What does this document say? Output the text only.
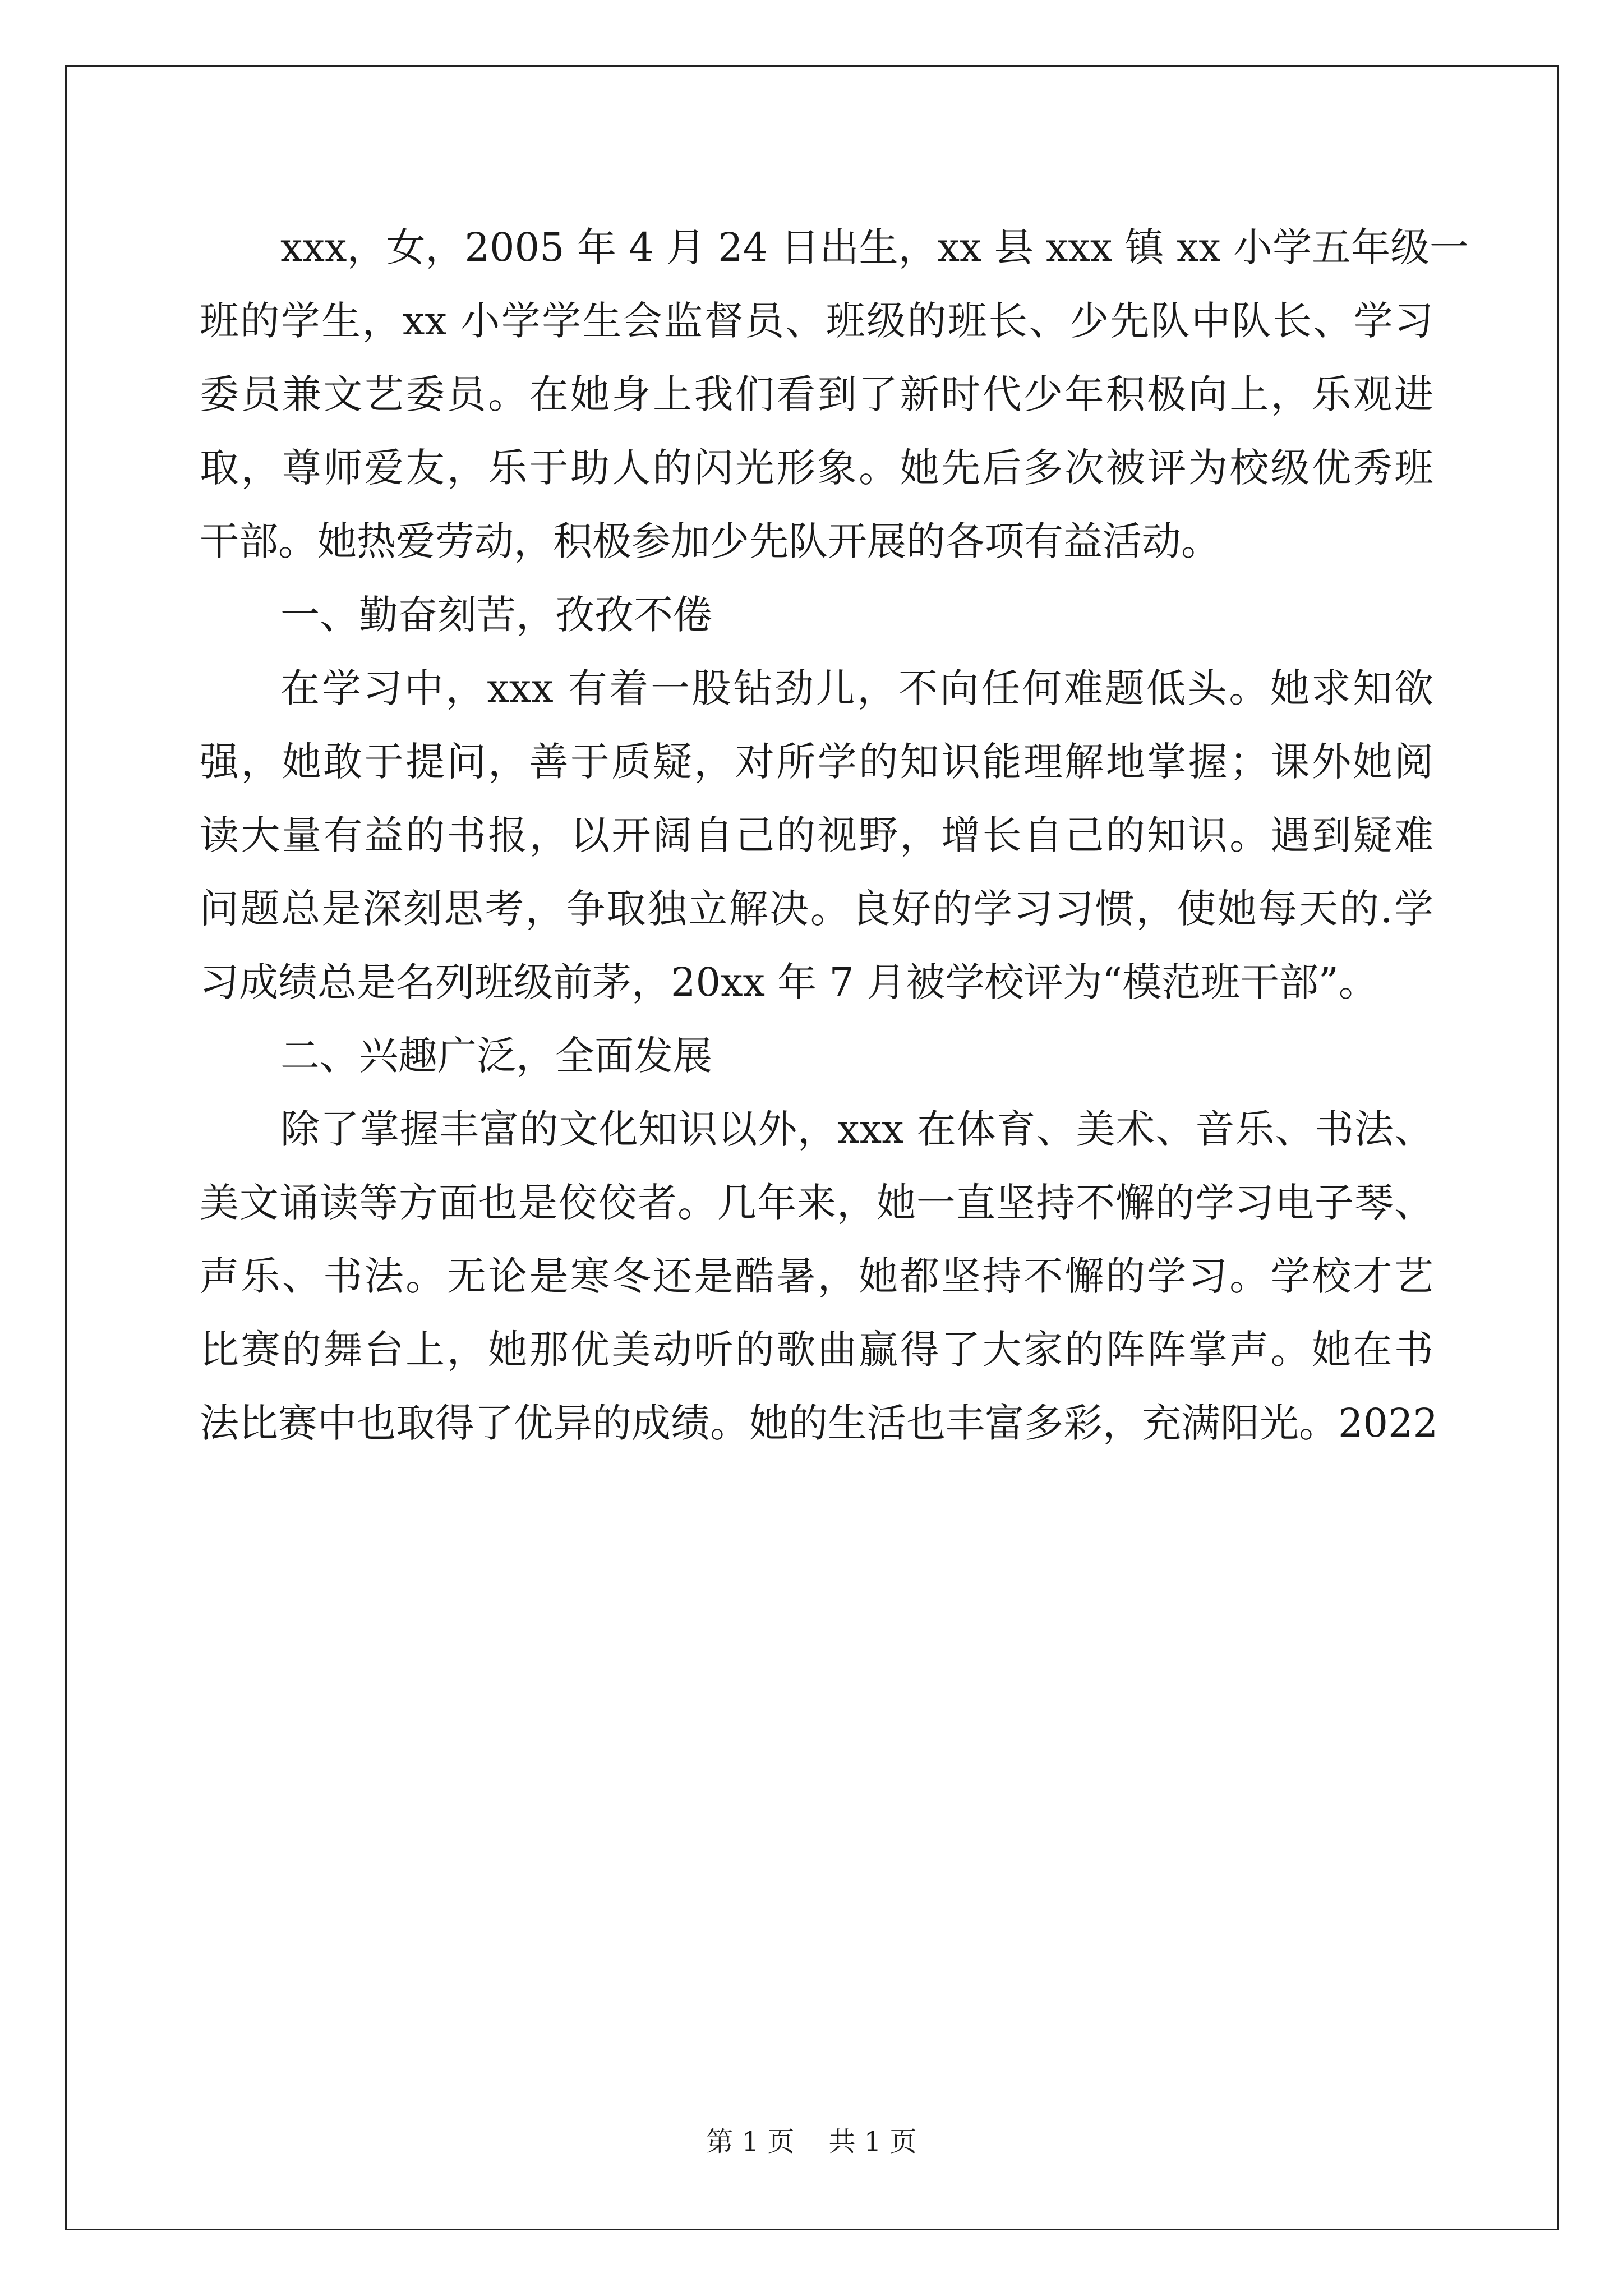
xxx，女，2005 年 4 月 24 日出生，xx 县 xxx 镇 xx 小学五年级一
班的学生，xx 小学学生会监督员、班级的班长、少先队中队长、学习
委员兼文艺委员。在她身上我们看到了新时代少年积极向上，乐观进
取，尊师爱友，乐于助人的闪光形象。她先后多次被评为校级优秀班
干部。她热爱劳动，积极参加少先队开展的各项有益活动。
一、勤奋刻苦，孜孜不倦
在学习中，xxx 有着一股钻劲儿，不向任何难题低头。她求知欲
强，她敢于提问，善于质疑，对所学的知识能理解地掌握；课外她阅
读大量有益的书报，以开阔自己的视野，增长自己的知识。遇到疑难
问题总是深刻思考，争取独立解决。良好的学习习惯，使她每天的.学
习成绩总是名列班级前茅，20xx 年 7 月被学校评为“模范班干部”。
二、兴趣广泛，全面发展
除了掌握丰富的文化知识以外，xxx 在体育、美术、音乐、书法、
美文诵读等方面也是佼佼者。几年来，她一直坚持不懈的学习电子琴、
声乐、书法。无论是寒冬还是酷暑，她都坚持不懈的学习。学校才艺
比赛的舞台上，她那优美动听的歌曲赢得了大家的阵阵掌声。她在书
法比赛中也取得了优异的成绩。她的生活也丰富多彩，充满阳光。2022
第 1 页    共 1 页
